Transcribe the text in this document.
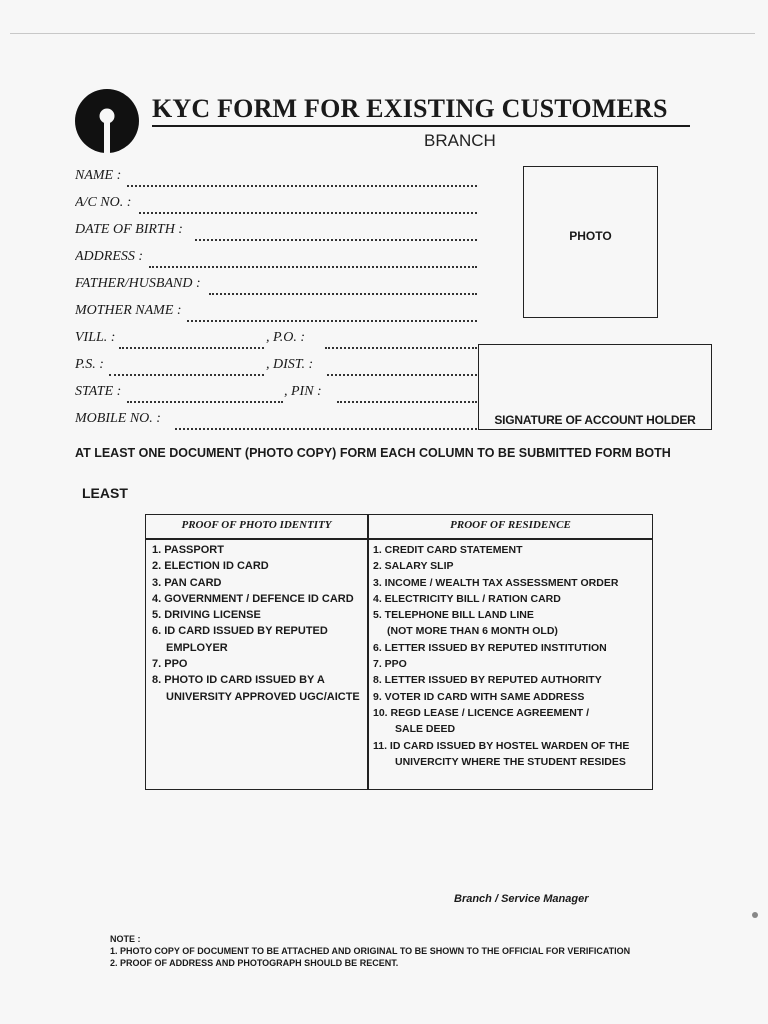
KYC FORM FOR EXISTING CUSTOMERS
BRANCH
NAME :
A/C NO. :
DATE OF BIRTH :
ADDRESS :
FATHER/HUSBAND :
MOTHER NAME :
VILL. :	, P.O. :
P.S. :	, DIST. :
STATE :	, PIN :
MOBILE NO. :
PHOTO
SIGNATURE OF ACCOUNT HOLDER
AT LEAST ONE DOCUMENT (PHOTO COPY) FORM EACH COLUMN TO BE SUBMITTED FORM BOTH
LEAST
PROOF OF PHOTO IDENTITY	PROOF OF RESIDENCE
1. PASSPORT
2. ELECTION ID CARD
3. PAN CARD
4. GOVERNMENT / DEFENCE ID CARD
5. DRIVING LICENSE
6. ID CARD ISSUED BY REPUTED
EMPLOYER
7. PPO
8. PHOTO ID CARD ISSUED BY A
UNIVERSITY APPROVED UGC/AICTE
1. CREDIT CARD STATEMENT
2. SALARY SLIP
3. INCOME / WEALTH TAX ASSESSMENT ORDER
4. ELECTRICITY BILL / RATION CARD
5. TELEPHONE BILL LAND LINE
(NOT MORE THAN 6 MONTH OLD)
6. LETTER ISSUED BY REPUTED INSTITUTION
7. PPO
8. LETTER ISSUED BY REPUTED AUTHORITY
9. VOTER ID CARD WITH SAME ADDRESS
10. REGD LEASE / LICENCE AGREEMENT /
SALE DEED
11. ID CARD ISSUED BY HOSTEL WARDEN OF THE
UNIVERCITY WHERE THE STUDENT RESIDES
Branch / Service Manager
NOTE :
1. PHOTO COPY OF DOCUMENT TO BE ATTACHED AND ORIGINAL TO BE SHOWN TO THE OFFICIAL FOR VERIFICATION
2. PROOF OF ADDRESS AND PHOTOGRAPH SHOULD BE RECENT.
